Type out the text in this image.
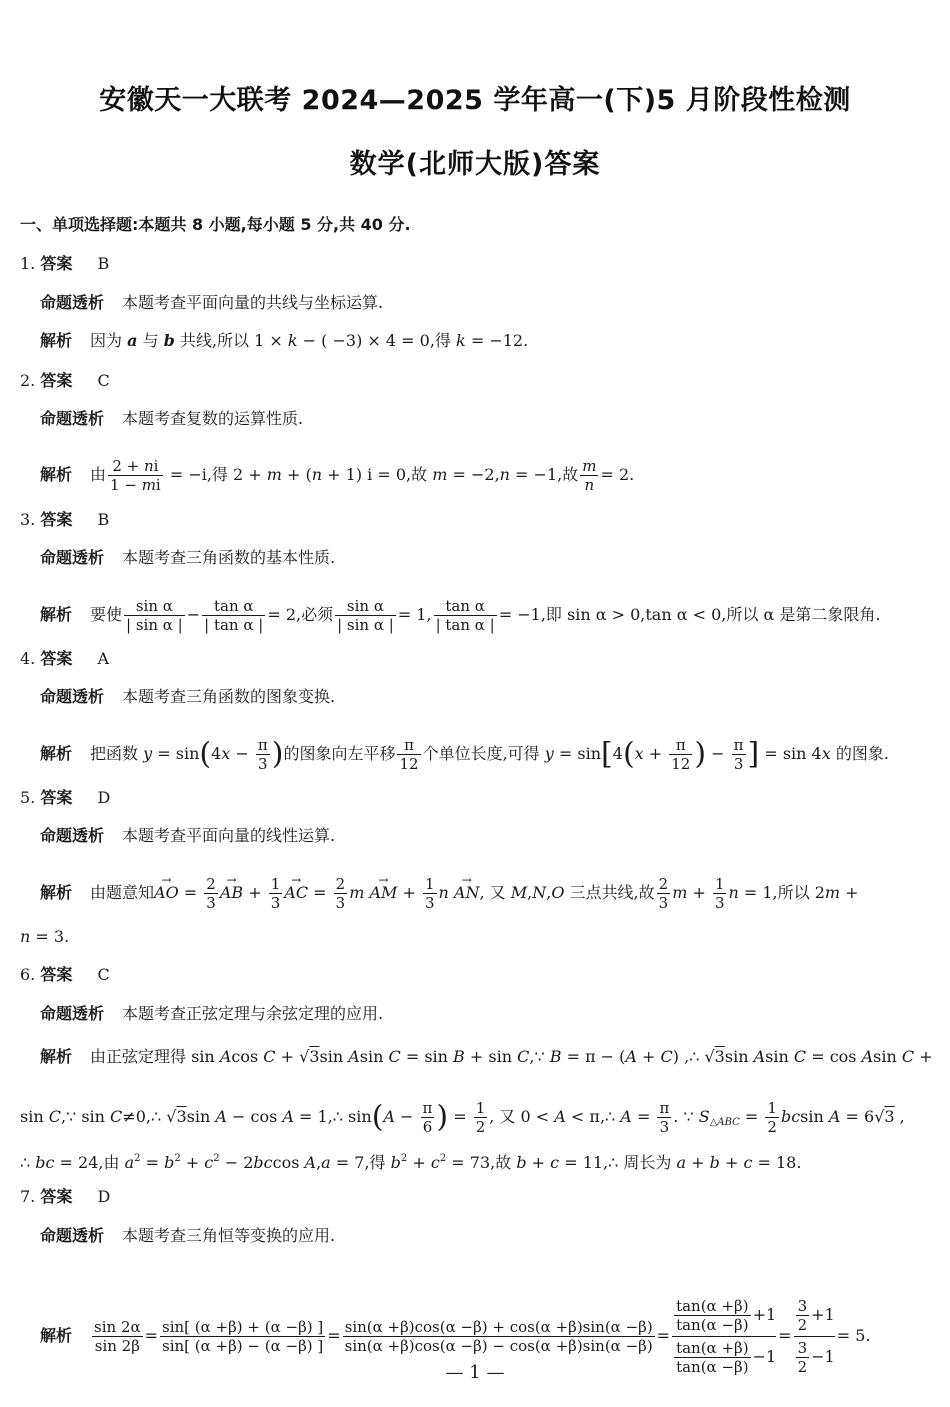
安徽天一大联考 2024—2025 学年高一(下)5 月阶段性检测
数学(北师大版)答案
一、单项选择题:本题共 8 小题,每小题 5 分,共 40 分.
1. 答案 B
命题透析 本题考查平面向量的共线与坐标运算.
解析 因为 a 与 b 共线,所以 1 × k − ( −3) × 4 = 0,得 k = −12.
2. 答案 C
命题透析 本题考查复数的运算性质.
解析 由 $\frac{2 + ni}{1 - mi} = -i$,得 2 + m + (n + 1) i = 0,故 m = −2,n = −1,故 $\frac{m}{n} = 2$.
3. 答案 B
命题透析 本题考查三角函数的基本性质.
解析 要使 $\frac{\text{sin α}}{\text{| sin α |}} - \frac{\text{tan α}}{\text{| tan α |}} = 2$,必须 $\frac{\text{sin α}}{\text{| sin α |}} = 1$, $\frac{\text{tan α}}{\text{| tan α |}} = -1$,即 sin α > 0,tan α < 0,所以 α 是第二象限角.
4. 答案 A
命题透析 本题考查三角函数的图象变换.
解析 把函数 $y = \sin(4x - \frac{\pi}{3}$ )的图象向左平移 $\frac{\pi}{12}$ 个单位长度,可得 $y = \sin[4(x + \frac{\pi}{12}$ ) − $\frac{\pi}{3}$ ] = sin 4x 的图象.
5. 答案 D
命题透析 本题考查平面向量的线性运算.
解析 由题意知→ AO = $\frac{2}{3}$ → AB + $\frac{1}{3}$ → AC = $\frac{2}{3}$ m → AM + $\frac{1}{3}$ n → AN, 又 M,N,O 三点共线,故 $\frac{2}{3}$ $m + \frac{1}{3}$ n = 1,所以 2m +
n = 3.
6. 答案 C
命题透析 本题考查正弦定理与余弦定理的应用.
解析 由正弦定理得 sin Acos C + √3sin Asin C = sin B + sin C,∵ B = π − (A + C) ,∴ √3sin Asin C = cos Asin C +
sin C,∵ sin C≠0,∴ √3sin A − cos A = 1,∴ $\sin(A - \frac{\pi}{6}$ ) = $\frac{1}{2}$ , 又 0 < A < π,∴ $A = \frac{\pi}{3}$ . ∵ $S_{\triangle ABC} = \frac{1}{2}$ bcsin A = 6√3 ,
∴ bc = 24,由 $a^2 = b^2 + c^2 - 2bccos$ A,a = 7,得 $b^2 + c^2 = 73$,故 b + c = 11,∴ 周长为 a + b + c = 18.
7. 答案 D
命题透析 本题考查三角恒等变换的应用.
解析 $\frac{\sin 2\alpha}{\sin 2\beta} = \frac{\sin[ (\alpha +\beta) + (\alpha -\beta) ]}{\sin[ (\alpha +\beta) - (\alpha -\beta) ]} = \frac{\sin(\alpha +\beta)\cos(\alpha -\beta) + \cos(\alpha +\beta)\sin(\alpha -\beta)}{\sin(\alpha +\beta)\cos(\alpha -\beta) - \cos(\alpha +\beta)\sin(\alpha -\beta)} = \frac{\frac{\tan(\alpha +\beta)}{\tan(\alpha -\beta)} +1}{\frac{\tan(\alpha +\beta)}{\tan(\alpha -\beta)} -1} = \frac{\frac{3}{2} +1}{\frac{3}{2} -1} = 5$.
— 1 —
